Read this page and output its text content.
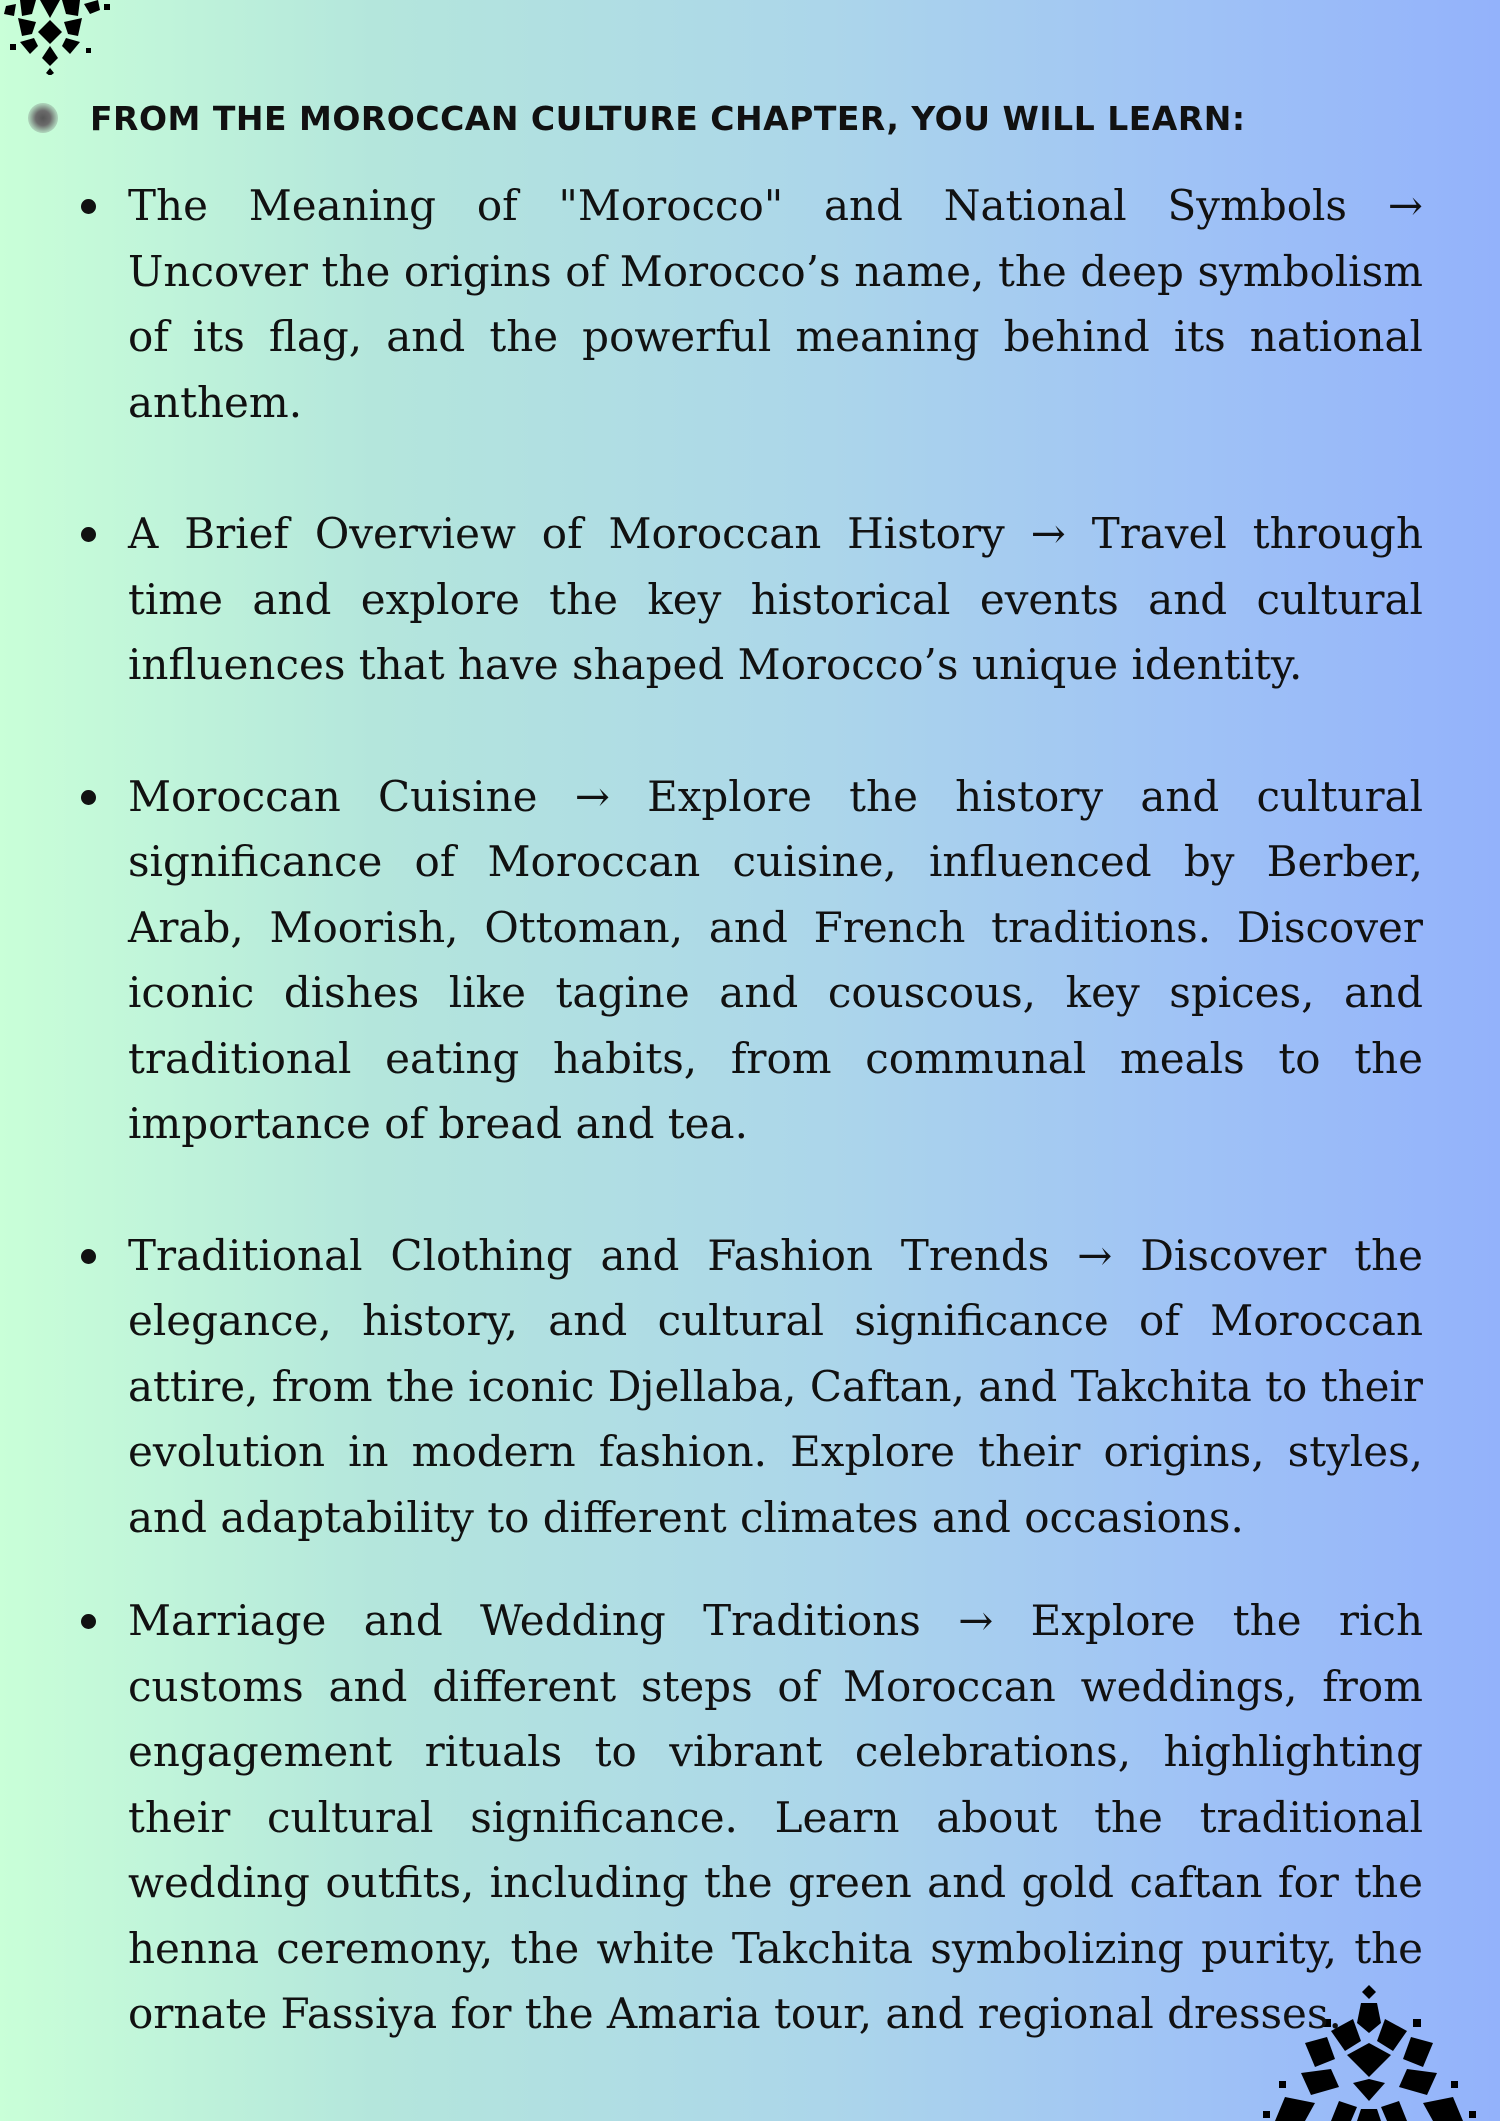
FROM THE MOROCCAN CULTURE CHAPTER, YOU WILL LEARN:
The Meaning of "Morocco" and National Symbols → Uncover the origins of Morocco’s name, the deep symbolism of its flag, and the powerful meaning behind its national anthem.
A Brief Overview of Moroccan History → Travel through time and explore the key historical events and cultural influences that have shaped Morocco’s unique identity.
Moroccan Cuisine → Explore the history and cultural significance of Moroccan cuisine, influenced by Berber, Arab, Moorish, Ottoman, and French traditions. Discover iconic dishes like tagine and couscous, key spices, and traditional eating habits, from communal meals to the importance of bread and tea.
Traditional Clothing and Fashion Trends → Discover the elegance, history, and cultural significance of Moroccan attire, from the iconic Djellaba, Caftan, and Takchita to their evolution in modern fashion. Explore their origins, styles, and adaptability to different climates and occasions.
Marriage and Wedding Traditions → Explore the rich customs and different steps of Moroccan weddings, from engagement rituals to vibrant celebrations, highlighting their cultural significance. Learn about the traditional wedding outfits, including the green and gold caftan for the henna ceremony, the white Takchita symbolizing purity, the ornate Fassiya for the Amaria tour, and regional dresses.
